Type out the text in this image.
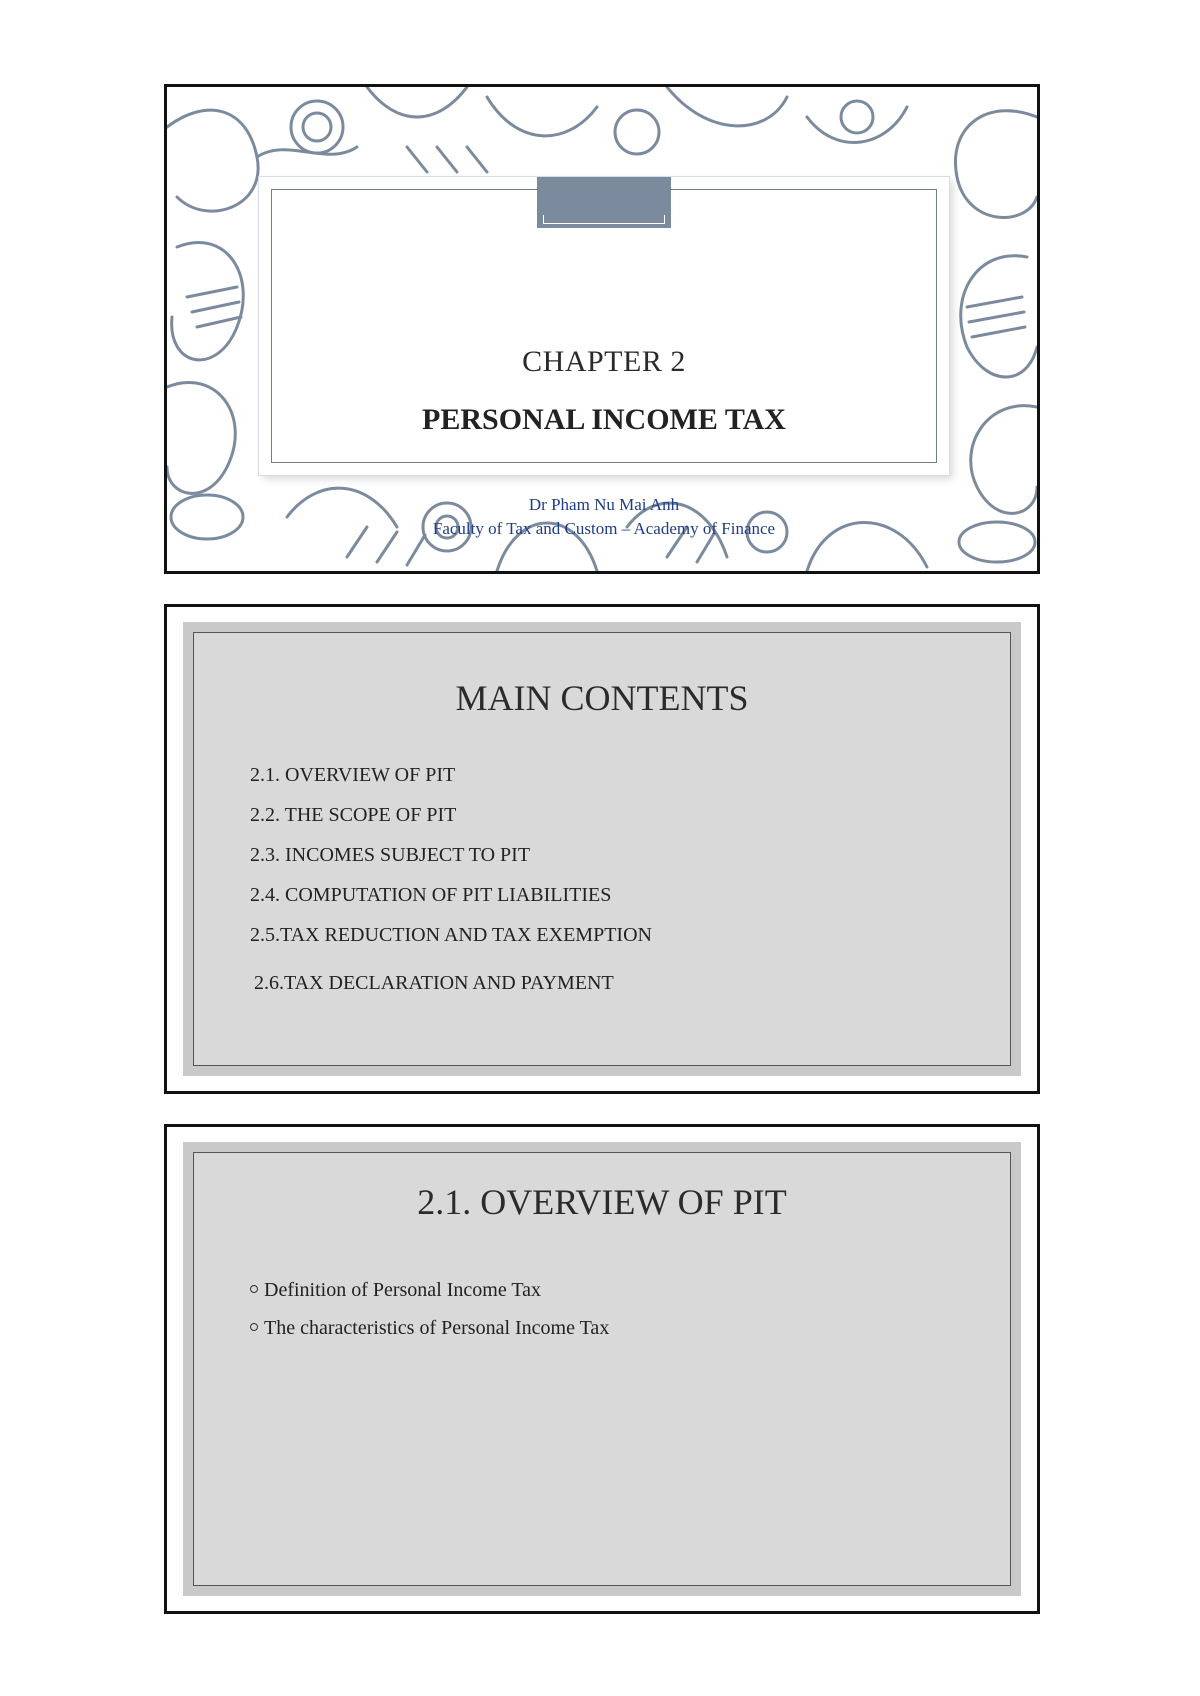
CHAPTER 2
PERSONAL INCOME TAX
Dr Pham Nu Mai Anh
Faculty of Tax and Custom – Academy of Finance
MAIN CONTENTS
2.1. OVERVIEW OF PIT
2.2. THE SCOPE OF PIT
2.3. INCOMES SUBJECT TO PIT
2.4. COMPUTATION OF PIT LIABILITIES
2.5.TAX REDUCTION AND TAX EXEMPTION
2.6.TAX DECLARATION AND PAYMENT
2.1. OVERVIEW OF PIT
Definition of Personal Income Tax
The characteristics of Personal Income Tax
